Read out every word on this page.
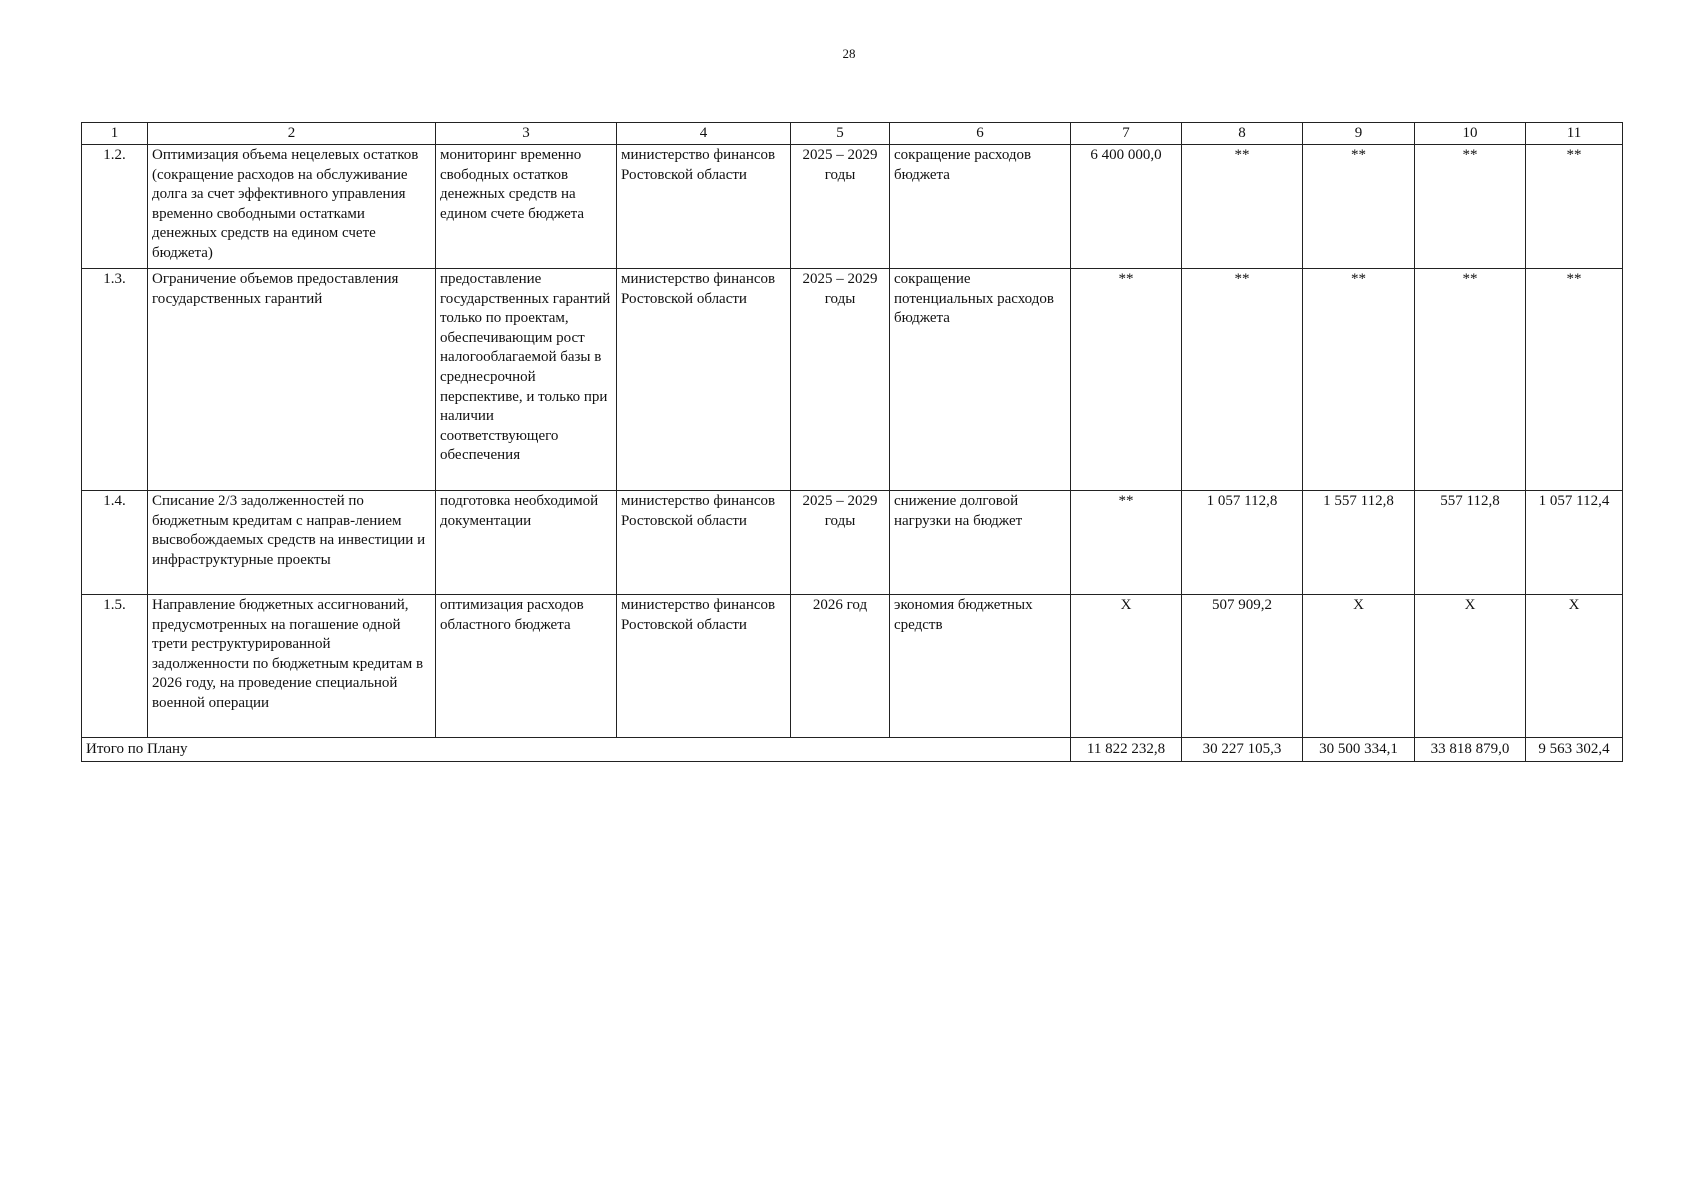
28
1	2	3	4	5	6	7	8	9	10	11
1.2.	Оптимизация объема нецелевых остатков (сокращение расходов на обслуживание долга за счет эффективного управления временно свободными остатками денежных средств на едином счете бюджета)	мониторинг временно свободных остатков денежных средств на едином счете бюджета	министерство финансов Ростовской области	2025 – 2029 годы	сокращение расходов бюджета	6 400 000,0	**	**	**	**
1.3.	Ограничение объемов предоставления государственных гарантий	предоставление государственных гарантий только по проектам, обеспечивающим рост налогооблагаемой базы в среднесрочной перспективе, и только при наличии соответствующего обеспечения	министерство финансов Ростовской области	2025 – 2029 годы	сокращение потенциальных расходов бюджета	**	**	**	**	**
1.4.	Списание 2/3 задолженностей по бюджетным кредитам с направ-лением высвобождаемых средств на инвестиции и инфраструктурные проекты	подготовка необходимой документации	министерство финансов Ростовской области	2025 – 2029 годы	снижение долговой нагрузки на бюджет	**	1 057 112,8	1 557 112,8	557 112,8	1 057 112,4
1.5.	Направление бюджетных ассигнований, предусмотренных на погашение одной трети реструктурированной задолженности по бюджетным кредитам в 2026 году, на проведение специальной военной операции	оптимизация расходов областного бюджета	министерство финансов Ростовской области	2026 год	экономия бюджетных средств	Х	507 909,2	Х	Х	Х
Итого по Плану						11 822 232,8	30 227 105,3	30 500 334,1	33 818 879,0	9 563 302,4
